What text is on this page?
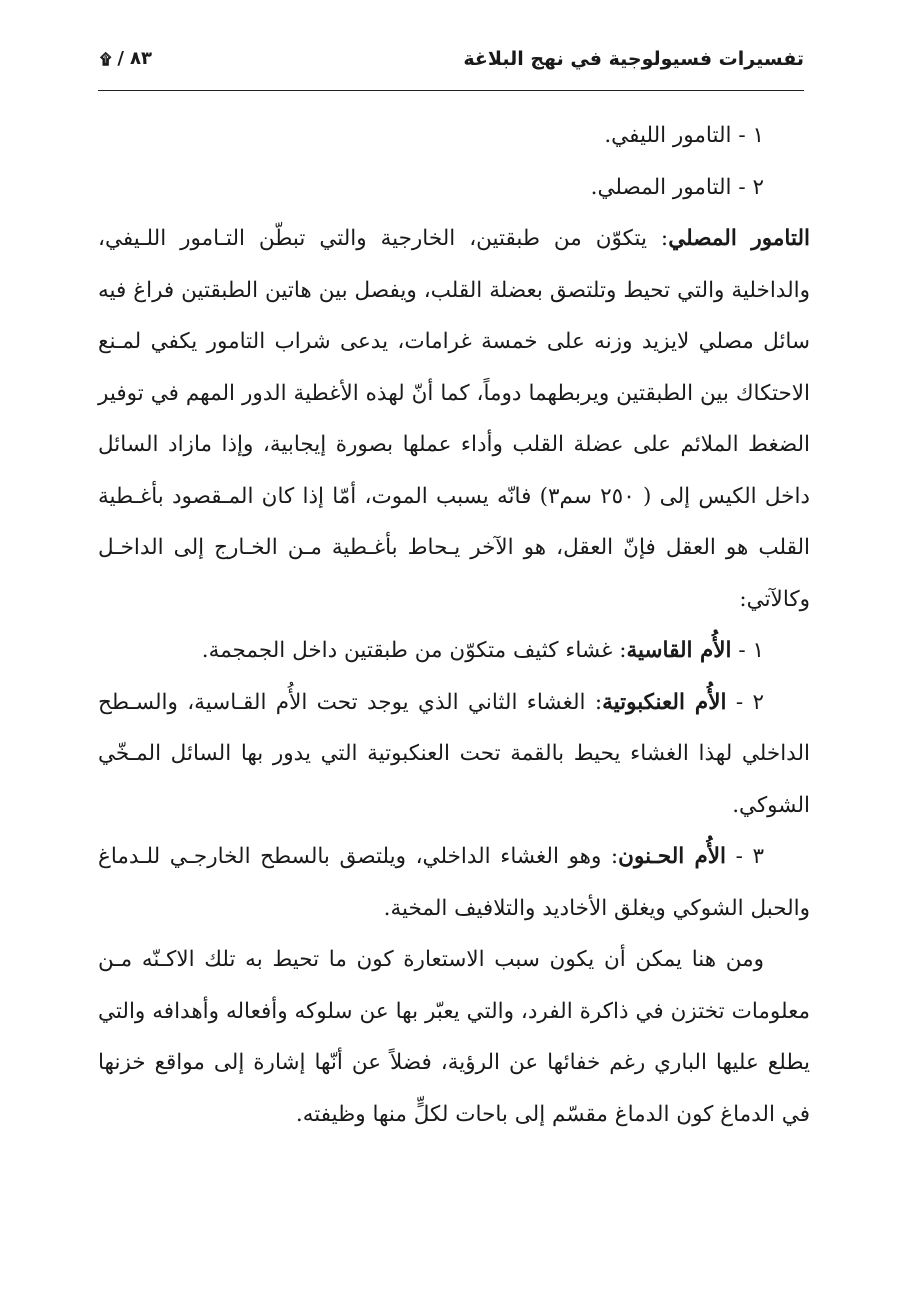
تفسيرات فسيولوجية في نهج البلاغة
٨٣
/
۩

١ - التامور الليفي.

٢ - التامور المصلي.

التامور المصلي: يتكوّن من طبقتين، الخارجية والتي تبطّن التـامور اللـيفي، والداخلية والتي تحيط وتلتصق بعضلة القلب، ويفصل بين هاتين الطبقتين فراغ فيه سائل مصلي لايزيد وزنه على خمسة غرامات، يدعى شراب التامور يكفي لمـنع الاحتكاك بين الطبقتين ويربطهما دوماً، كما أنّ لهذه الأغطية الدور المهم في توفير الضغط الملائم على عضلة القلب وأداء عملها بصورة إيجابية، وإذا مازاد السائل داخل الكيس إلى ( ٢٥٠ سم٣) فانّه يسبب الموت، أمّا إذا كان المـقصود بأغـطية القلب هو العقل فإنّ العقل، هو الآخر يـحاط بأغـطية مـن الخـارج إلى الداخـل وكالآتي:

١ - الأُم القاسية: غشاء كثيف متكوّن من طبقتين داخل الجمجمة.

٢ - الأُم العنكبوتية: الغشاء الثاني الذي يوجد تحت الأُم القـاسية، والسـطح الداخلي لهذا الغشاء يحيط بالقمة تحت العنكبوتية التي يدور بها السائل المـخّي الشوكي.

٣ - الأُم الحـنون: وهو الغشاء الداخلي، ويلتصق بالسطح الخارجـي للـدماغ والحبل الشوكي ويغلق الأخاديد والتلافيف المخية.

ومن هنا يمكن أن يكون سبب الاستعارة كون ما تحيط به تلك الاكـنّه مـن معلومات تختزن في ذاكرة الفرد، والتي يعبّر بها عن سلوكه وأفعاله وأهدافه والتي يطلع عليها الباري رغم خفائها عن الرؤية، فضلاً عن أنّها إشارة إلى مواقع خزنها في الدماغ كون الدماغ مقسّم إلى باحات لكلٍّ منها وظيفته.
